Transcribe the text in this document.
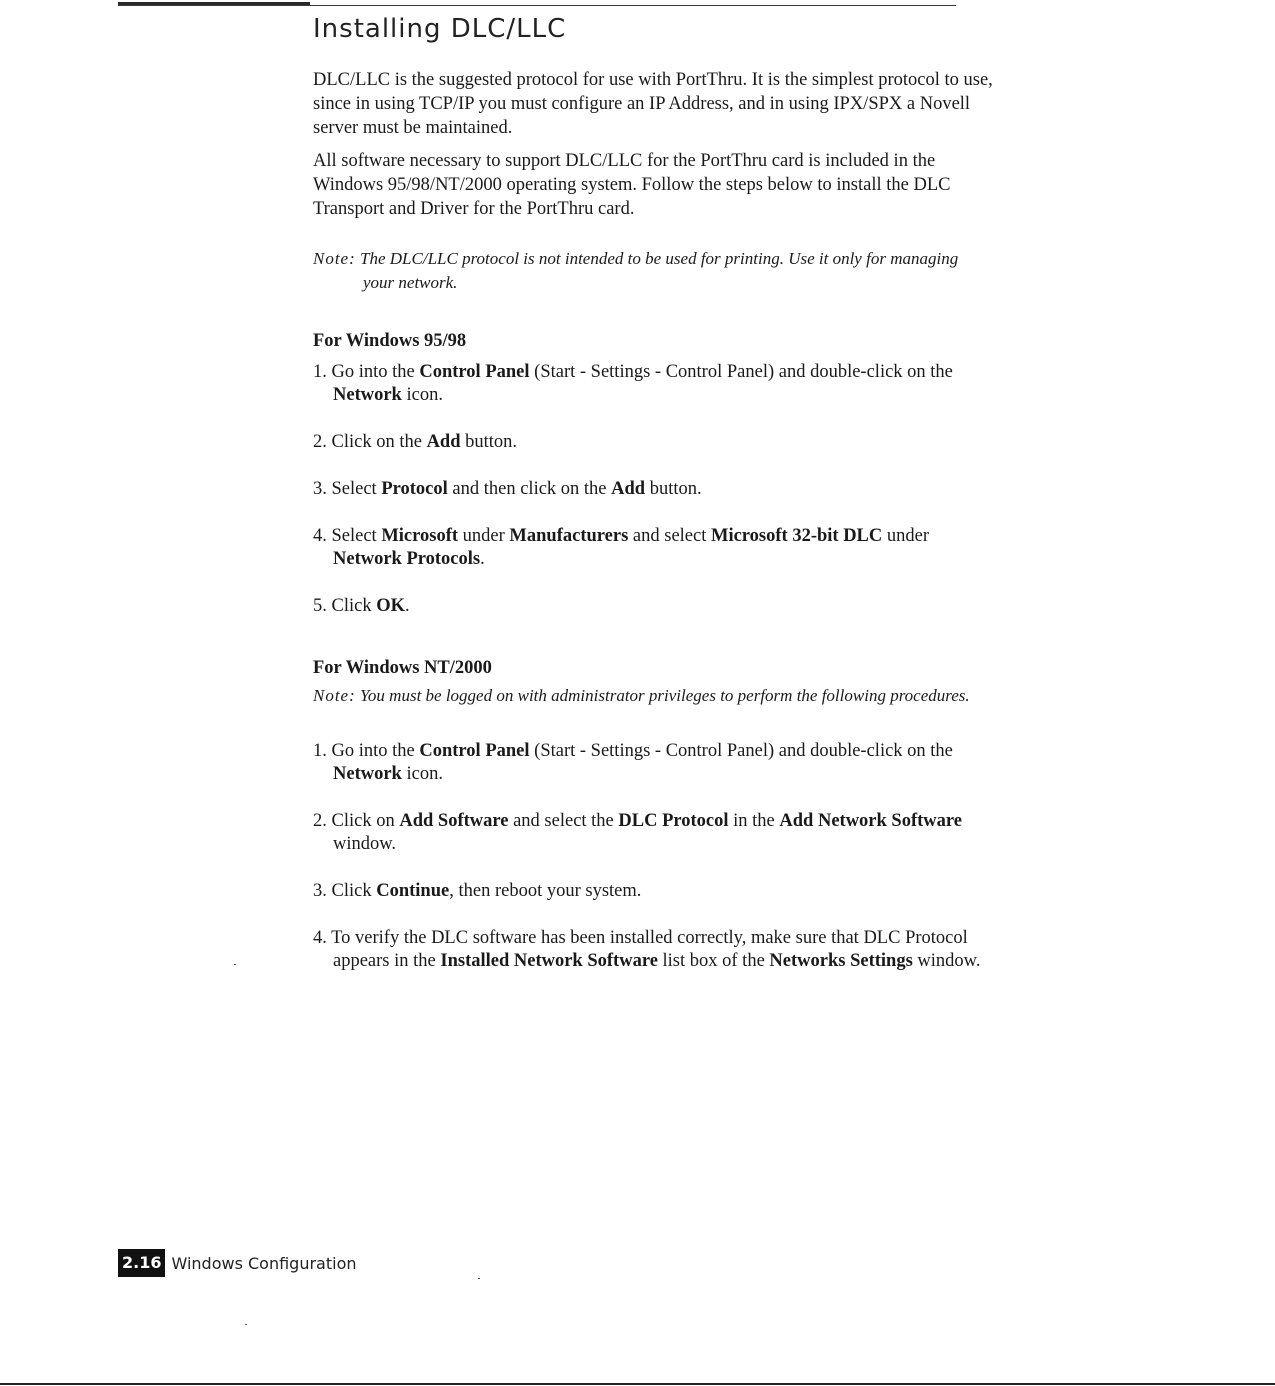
Installing DLC/LLC

DLC/LLC is the suggested protocol for use with PortThru. It is the simplest protocol to use, since in using TCP/IP you must configure an IP Address, and in using IPX/SPX a Novell server must be maintained.

All software necessary to support DLC/LLC for the PortThru card is included in the Windows 95/98/NT/2000 operating system. Follow the steps below to install the DLC Transport and Driver for the PortThru card.

Note: The DLC/LLC protocol is not intended to be used for printing. Use it only for managing your network.

For Windows 95/98
1. Go into the Control Panel (Start - Settings - Control Panel) and double-click on the Network icon.
2. Click on the Add button.
3. Select Protocol and then click on the Add button.
4. Select Microsoft under Manufacturers and select Microsoft 32-bit DLC under Network Protocols.
5. Click OK.
For Windows NT/2000

Note: You must be logged on with administrator privileges to perform the following procedures.

1. Go into the Control Panel (Start - Settings - Control Panel) and double-click on the Network icon.
2. Click on Add Software and select the DLC Protocol in the Add Network Software window.
3. Click Continue, then reboot your system.
4. To verify the DLC software has been installed correctly, make sure that DLC Protocol appears in the Installed Network Software list box of the Networks Settings window.
2.16 Windows Configuration
